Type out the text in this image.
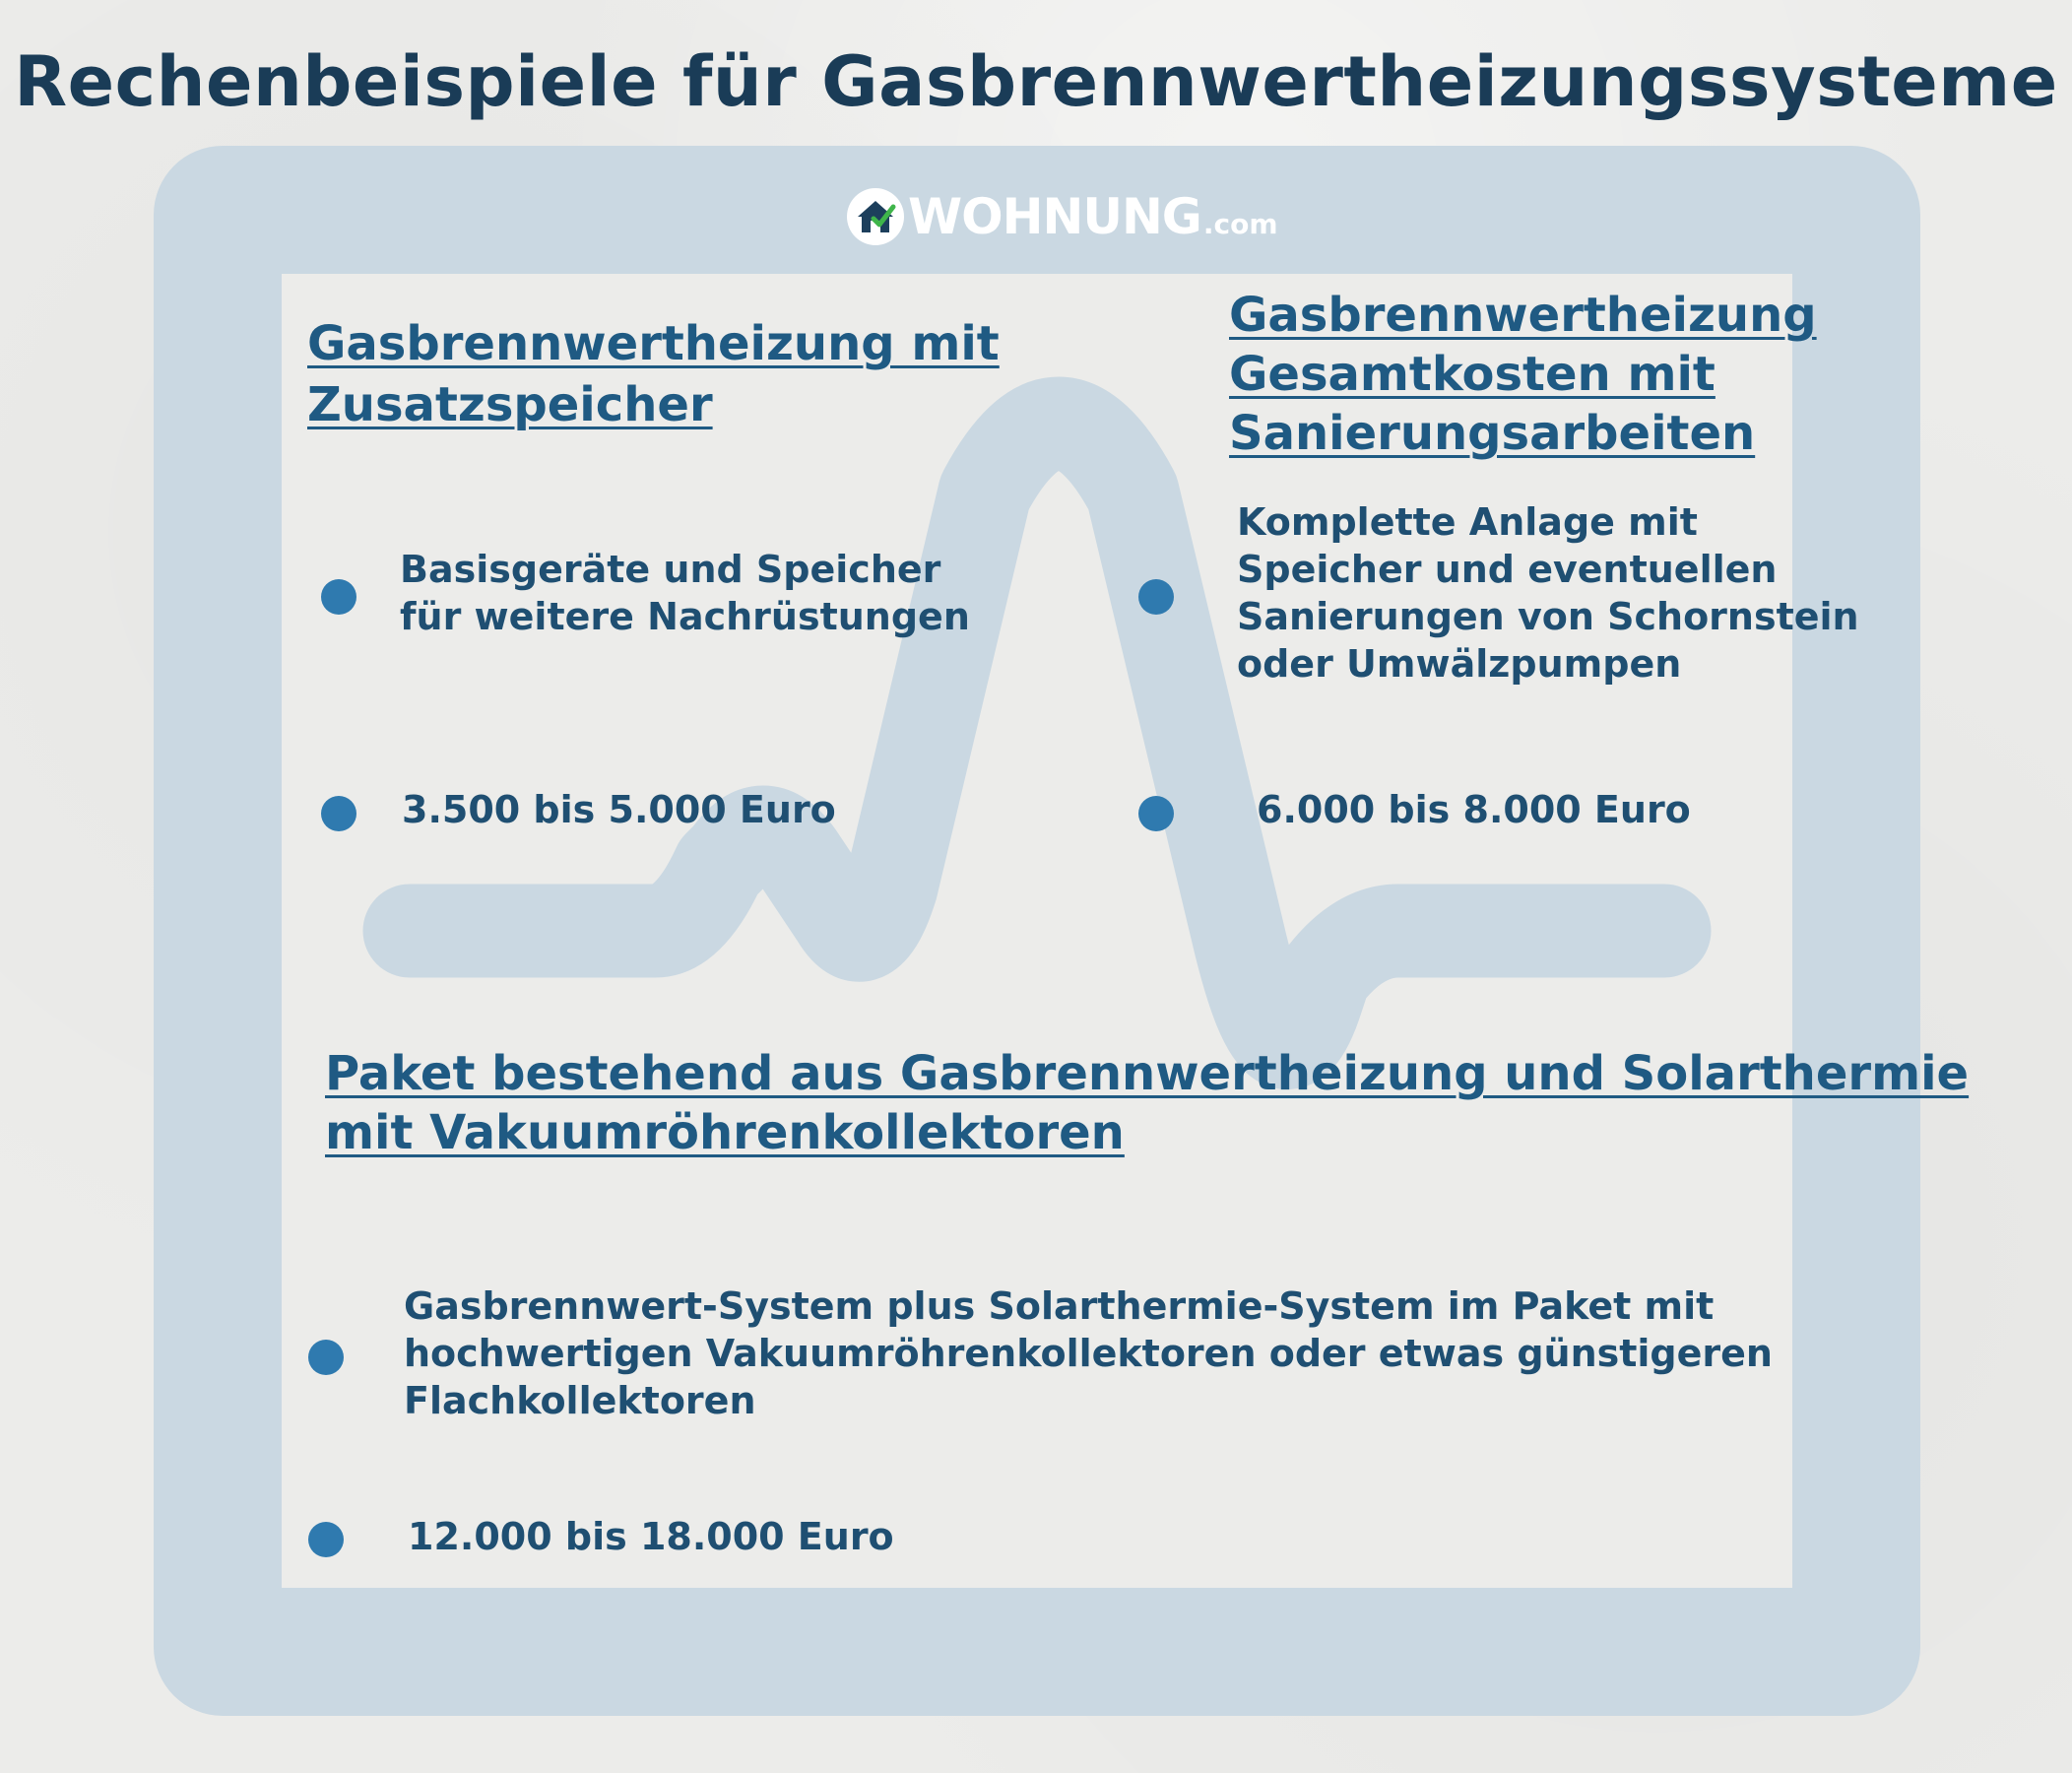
Rechenbeispiele für Gasbrennwertheizungssysteme
WOHNUNG .com
Gasbrennwertheizung mit
Zusatzspeicher
Basisgeräte und Speicher
für weitere Nachrüstungen
3.500 bis 5.000 Euro
Gasbrennwertheizung
Gesamtkosten mit
Sanierungsarbeiten
Komplette Anlage mit
Speicher und eventuellen
Sanierungen von Schornstein
oder Umwälzpumpen
6.000 bis 8.000 Euro
Paket bestehend aus Gasbrennwertheizung und Solarthermie
mit Vakuumröhrenkollektoren
Gasbrennwert-System plus Solarthermie-System im Paket mit
hochwertigen Vakuumröhrenkollektoren oder etwas günstigeren
Flachkollektoren
12.000 bis 18.000 Euro
